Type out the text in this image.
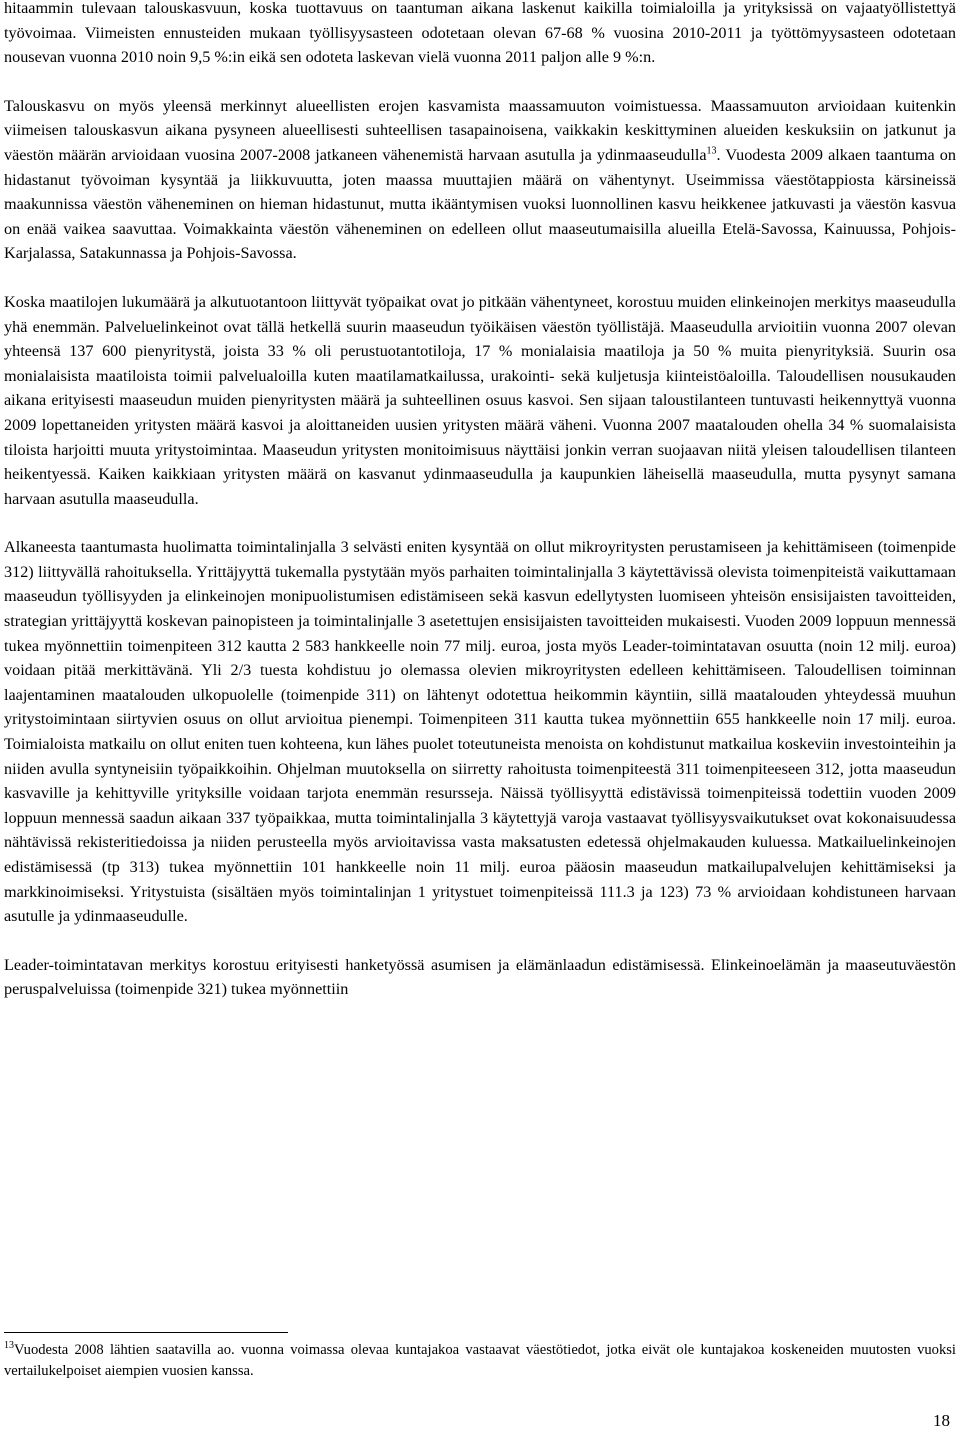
hitaammin tulevaan talouskasvuun, koska tuottavuus on taantuman aikana laskenut kaikilla toimialoilla ja yrityksissä on vajaatyöllistettyä työvoimaa. Viimeisten ennusteiden mukaan työllisyysasteen odotetaan olevan 67-68 % vuosina 2010-2011 ja työttömyysasteen odotetaan nousevan vuonna 2010 noin 9,5 %:in eikä sen odoteta laskevan vielä vuonna 2011 paljon alle 9 %:n.

Talouskasvu on myös yleensä merkinnyt alueellisten erojen kasvamista maassamuuton voimistuessa. Maassamuuton arvioidaan kuitenkin viimeisen talouskasvun aikana pysyneen alueellisesti suhteellisen tasapainoisena, vaikkakin keskittyminen alueiden keskuksiin on jatkunut ja väestön määrän arvioidaan vuosina 2007-2008 jatkaneen vähenemistä harvaan asutulla ja ydinmaaseudulla$^{13}$. Vuodesta 2009 alkaen taantuma on hidastanut työvoiman kysyntää ja liikkuvuutta, joten maassa muuttajien määrä on vähentynyt. Useimmissa väestötappiosta kärsineissä maakunnissa väestön väheneminen on hieman hidastunut, mutta ikääntymisen vuoksi luonnollinen kasvu heikkenee jatkuvasti ja väestön kasvua on enää vaikea saavuttaa. Voimakkainta väestön väheneminen on edelleen ollut maaseutumaisilla alueilla Etelä-Savossa, Kainuussa, Pohjois-Karjalassa, Satakunnassa ja Pohjois-Savossa.

Koska maatilojen lukumäärä ja alkutuotantoon liittyvät työpaikat ovat jo pitkään vähentyneet, korostuu muiden elinkeinojen merkitys maaseudulla yhä enemmän. Palveluelinkeinot ovat tällä hetkellä suurin maaseudun työikäisen väestön työllistäjä. Maaseudulla arvioitiin vuonna 2007 olevan yhteensä 137 600 pienyritystä, joista 33 % oli perustuotantotiloja, 17 % monialaisia maatiloja ja 50 % muita pienyrityksiä. Suurin osa monialaisista maatiloista toimii palvelualoilla kuten maatilamatkailussa, urakointi- sekä kuljetusja kiinteistöaloilla. Taloudellisen nousukauden aikana erityisesti maaseudun muiden pienyritysten määrä ja suhteellinen osuus kasvoi. Sen sijaan taloustilanteen tuntuvasti heikennyttyä vuonna 2009 lopettaneiden yritysten määrä kasvoi ja aloittaneiden uusien yritysten määrä väheni. Vuonna 2007 maatalouden ohella 34 % suomalaisista tiloista harjoitti muuta yritystoimintaa. Maaseudun yritysten monitoimisuus näyttäisi jonkin verran suojaavan niitä yleisen taloudellisen tilanteen heikentyessä. Kaiken kaikkiaan yritysten määrä on kasvanut ydinmaaseudulla ja kaupunkien läheisellä maaseudulla, mutta pysynyt samana harvaan asutulla maaseudulla.

Alkaneesta taantumasta huolimatta toimintalinjalla 3 selvästi eniten kysyntää on ollut mikroyritysten perustamiseen ja kehittämiseen (toimenpide 312) liittyvällä rahoituksella. Yrittäjyyttä tukemalla pystytään myös parhaiten toimintalinjalla 3 käytettävissä olevista toimenpiteistä vaikuttamaan maaseudun työllisyyden ja elinkeinojen monipuolistumisen edistämiseen sekä kasvun edellytysten luomiseen yhteisön ensisijaisten tavoitteiden, strategian yrittäjyyttä koskevan painopisteen ja toimintalinjalle 3 asetettujen ensisijaisten tavoitteiden mukaisesti. Vuoden 2009 loppuun mennessä tukea myönnettiin toimenpiteen 312 kautta 2 583 hankkeelle noin 77 milj. euroa, josta myös Leader-toimintatavan osuutta (noin 12 milj. euroa) voidaan pitää merkittävänä. Yli 2/3 tuesta kohdistuu jo olemassa olevien mikroyritysten edelleen kehittämiseen. Taloudellisen toiminnan laajentaminen maatalouden ulkopuolelle (toimenpide 311) on lähtenyt odotettua heikommin käyntiin, sillä maatalouden yhteydessä muuhun yritystoimintaan siirtyvien osuus on ollut arvioitua pienempi. Toimenpiteen 311 kautta tukea myönnettiin 655 hankkeelle noin 17 milj. euroa. Toimialoista matkailu on ollut eniten tuen kohteena, kun lähes puolet toteutuneista menoista on kohdistunut matkailua koskeviin investointeihin ja niiden avulla syntyneisiin työpaikkoihin. Ohjelman muutoksella on siirretty rahoitusta toimenpiteestä 311 toimenpiteeseen 312, jotta maaseudun kasvaville ja kehittyville yrityksille voidaan tarjota enemmän resursseja. Näissä työllisyyttä edistävissä toimenpiteissä todettiin vuoden 2009 loppuun mennessä saadun aikaan 337 työpaikkaa, mutta toimintalinjalla 3 käytettyjä varoja vastaavat työllisyysvaikutukset ovat kokonaisuudessa nähtävissä rekisteritiedoissa ja niiden perusteella myös arvioitavissa vasta maksatusten edetessä ohjelmakauden kuluessa. Matkailuelinkeinojen edistämisessä (tp 313) tukea myönnettiin 101 hankkeelle noin 11 milj. euroa pääosin maaseudun matkailupalvelujen kehittämiseksi ja markkinoimiseksi. Yritystuista (sisältäen myös toimintalinjan 1 yritystuet toimenpiteissä 111.3 ja 123) 73 % arvioidaan kohdistuneen harvaan asutulle ja ydinmaaseudulle.

Leader-toimintatavan merkitys korostuu erityisesti hanketyössä asumisen ja elämänlaadun edistämisessä. Elinkeinoelämän ja maaseutuväestön peruspalveluissa (toimenpide 321) tukea myönnettiin

$^{13}$Vuodesta 2008 lähtien saatavilla ao. vuonna voimassa olevaa kuntajakoa vastaavat väestötiedot, jotka eivät ole kuntajakoa koskeneiden muutosten vuoksi vertailukelpoiset aiempien vuosien kanssa.
18
